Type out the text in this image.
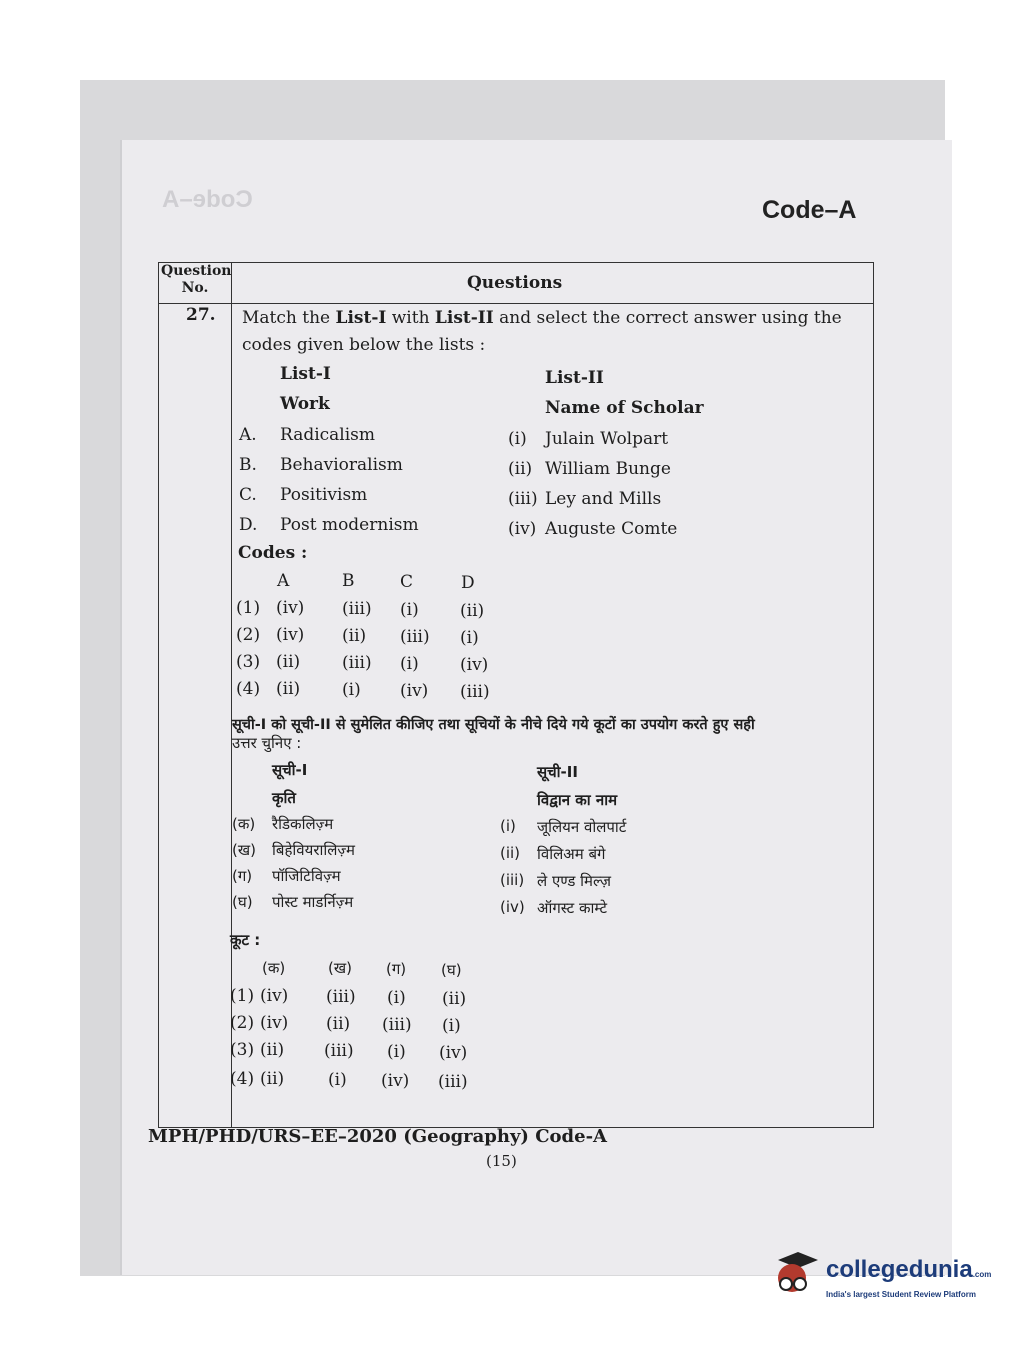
Code–A	Code–A
Question No.	Questions
27. Match the List-I with List-II and select the correct answer using the
codes given below the lists :
List-I
Work
List-II
Name of Scholar
A. Radicalism
B. Behavioralism
C. Positivism
D. Post modernism
(i) Julain Wolpart
(ii) William Bunge
(iii) Ley and Mills
(iv) Auguste Comte
Codes :
A	B	C	D
(1) (iv) (iii) (i) (ii)
(2) (iv) (ii) (iii) (i)
(3) (ii) (iii) (i) (iv)
(4) (ii) (i) (iv) (iii)
सूची-I को सूची-II से सुमेलित कीजिए तथा सूचियों के नीचे दिये गये कूटों का उपयोग करते हुए सही
उत्तर चुनिए :
सूची-I
कृति
सूची-II
विद्वान का नाम
(क) रैडिकलिज़्म
(ख) बिहेवियरालिज़्म
(ग) पॉजिटिविज़्म
(घ) पोस्ट माडर्निज़्म
(i) जूलियन वोलपार्ट
(ii) विलिअम बंगे
(iii) ले एण्ड मिल्ज़
(iv) ऑगस्ट काम्टे
कूट :
(क)	(ख) (ग) (घ)
(1) (iv) (iii) (i) (ii)
(2) (iv) (ii) (iii) (i)
(3) (ii) (iii) (i) (iv)
(4) (ii)	(i) (iv) (iii)
MPH/PHD/URS–EE–2020 (Geography) Code-A
(15)
collegedunia.com
India's largest Student Review Platform
